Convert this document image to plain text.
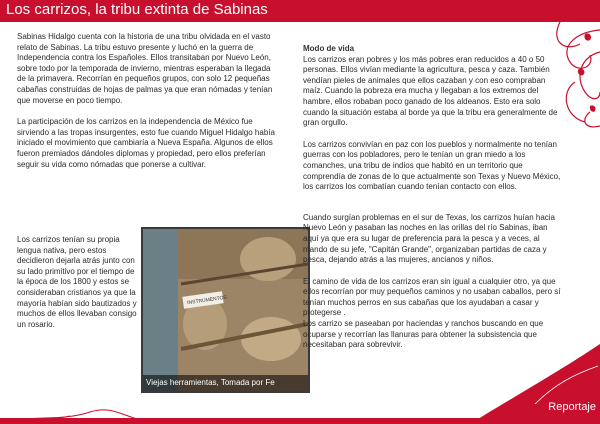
Los carrizos, la tribu extinta de Sabinas

Sabinas Hidalgo cuenta con la historia de una tribu olvidada en el vasto relato de Sabinas. La tribu estuvo presente y luchó en la guerra de Independencia contra los Españoles. Ellos transitaban por Nuevo León, sobre todo por la temporada de invierno, mientras esperaban la llegada de la primavera. Recorrían en pequeños grupos, con solo 12 pequeñas cabañas construidas de hojas de palmas ya que eran nómadas y tenían que moverse en poco tiempo.

La participación de los carrizos en la independencia de México fue sirviendo a las tropas insurgentes, esto fue cuando Miguel Hidalgo había iniciado el movimiento que cambiaría a Nueva España. Algunos de ellos fueron premiados dándoles diplomas y propiedad, pero ellos preferían seguir su vida como nómadas que ponerse a cultivar.

Los carrizos tenían su propia lengua nativa, pero estos decidieron dejarla atrás junto con su lado primitivo por el tiempo de la época de los 1800 y estos se consideraban cristianos ya que la mayoría habían sido bautizados y muchos de ellos llevaban consigo un rosario.

INSTRUMENTOS
Viejas herramientas, Tomada por Fe

Modo de vida

Los carrizos eran pobres y los más pobres eran reducidos a 40 o 50 personas. Ellos vivían mediante la agricultura, pesca y caza. También vendían pieles de animales que ellos cazaban y con eso compraban maíz. Cuando la pobreza era mucha y llegaban a los extremos del hambre, ellos robaban poco ganado de los aldeanos. Esto era solo cuando la situación estaba al borde ya que la tribu era generalmente de gran orgullo.

Los carrizos convivían en paz con los pueblos y normalmente no tenían guerras con los pobladores, pero le tenían un gran miedo a los comanches, una tribu de indios que habitó en un territorio que comprendía de zonas de lo que actualmente son Texas y Nuevo México, los carrizos los combatían cuando tenían contacto con ellos.

Cuando surgían problemas en el sur de Texas, los carrizos huían hacia Nuevo León y pasaban las noches en las orillas del río Sabinas, iban aquí ya que era su lugar de preferencia para la pesca y a veces, al mando de su jefe, "Capitán Grande", organizaban partidas de caza y pesca, dejando atrás a las mujeres, ancianos y niños.

El camino de vida de los carrizos eran sin igual a cualquier otro, ya que ellos recorrían por muy pequeños caminos y no usaban caballos, pero sí tenían muchos perros en sus cabañas que los ayudaban a casar y protegerse .

Los carrizo se paseaban por haciendas y ranchos buscando en que ocuparse y recorrían las llanuras para obtener la subsistencia que necesitaban para sobrevivir.

Reportaje
